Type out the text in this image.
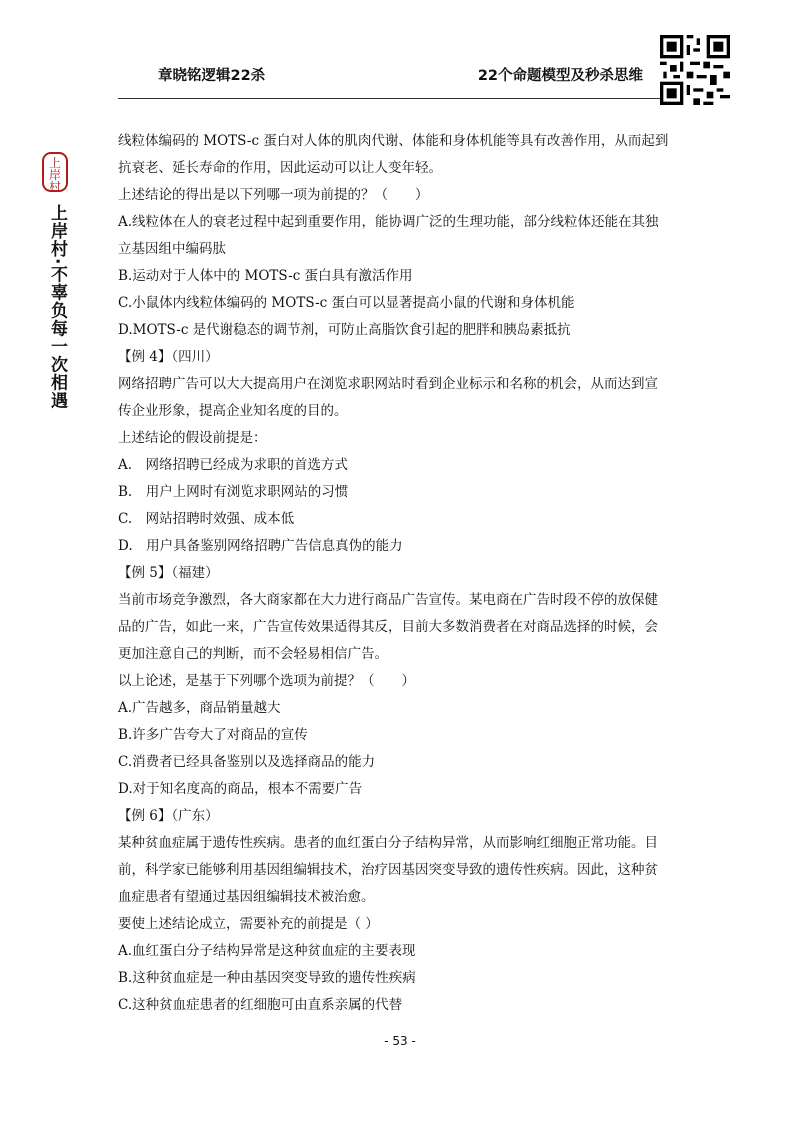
章晓铭逻辑22杀	22个命题模型及秒杀思维
上岸村
上岸村·不辜负每一次相遇
线粒体编码的 MOTS-c 蛋白对人体的肌肉代谢、体能和身体机能等具有改善作用，从而起到
抗衰老、延长寿命的作用，因此运动可以让人变年轻。
上述结论的得出是以下列哪一项为前提的？（　　）
A.线粒体在人的衰老过程中起到重要作用，能协调广泛的生理功能，部分线粒体还能在其独
立基因组中编码肽
B.运动对于人体中的 MOTS-c 蛋白具有激活作用
C.小鼠体内线粒体编码的 MOTS-c 蛋白可以显著提高小鼠的代谢和身体机能
D.MOTS-c 是代谢稳态的调节剂，可防止高脂饮食引起的肥胖和胰岛素抵抗
【例 4】（四川）
网络招聘广告可以大大提高用户在浏览求职网站时看到企业标示和名称的机会，从而达到宣
传企业形象，提高企业知名度的目的。
上述结论的假设前提是：
A.　网络招聘已经成为求职的首选方式
B.　用户上网时有浏览求职网站的习惯
C.　网站招聘时效强、成本低
D.　用户具备鉴别网络招聘广告信息真伪的能力
【例 5】（福建）
当前市场竞争激烈，各大商家都在大力进行商品广告宣传。某电商在广告时段不停的放保健
品的广告，如此一来，广告宣传效果适得其反，目前大多数消费者在对商品选择的时候，会
更加注意自己的判断，而不会轻易相信广告。
以上论述，是基于下列哪个选项为前提？（　　）
A.广告越多，商品销量越大
B.许多广告夸大了对商品的宣传
C.消费者已经具备鉴别以及选择商品的能力
D.对于知名度高的商品，根本不需要广告
【例 6】（广东）
某种贫血症属于遗传性疾病。患者的血红蛋白分子结构异常，从而影响红细胞正常功能。目
前，科学家已能够利用基因组编辑技术，治疗因基因突变导致的遗传性疾病。因此，这种贫
血症患者有望通过基因组编辑技术被治愈。
要使上述结论成立，需要补充的前提是（ ）
A.血红蛋白分子结构异常是这种贫血症的主要表现
B.这种贫血症是一种由基因突变导致的遗传性疾病
C.这种贫血症患者的红细胞可由直系亲属的代替
- 53 -
